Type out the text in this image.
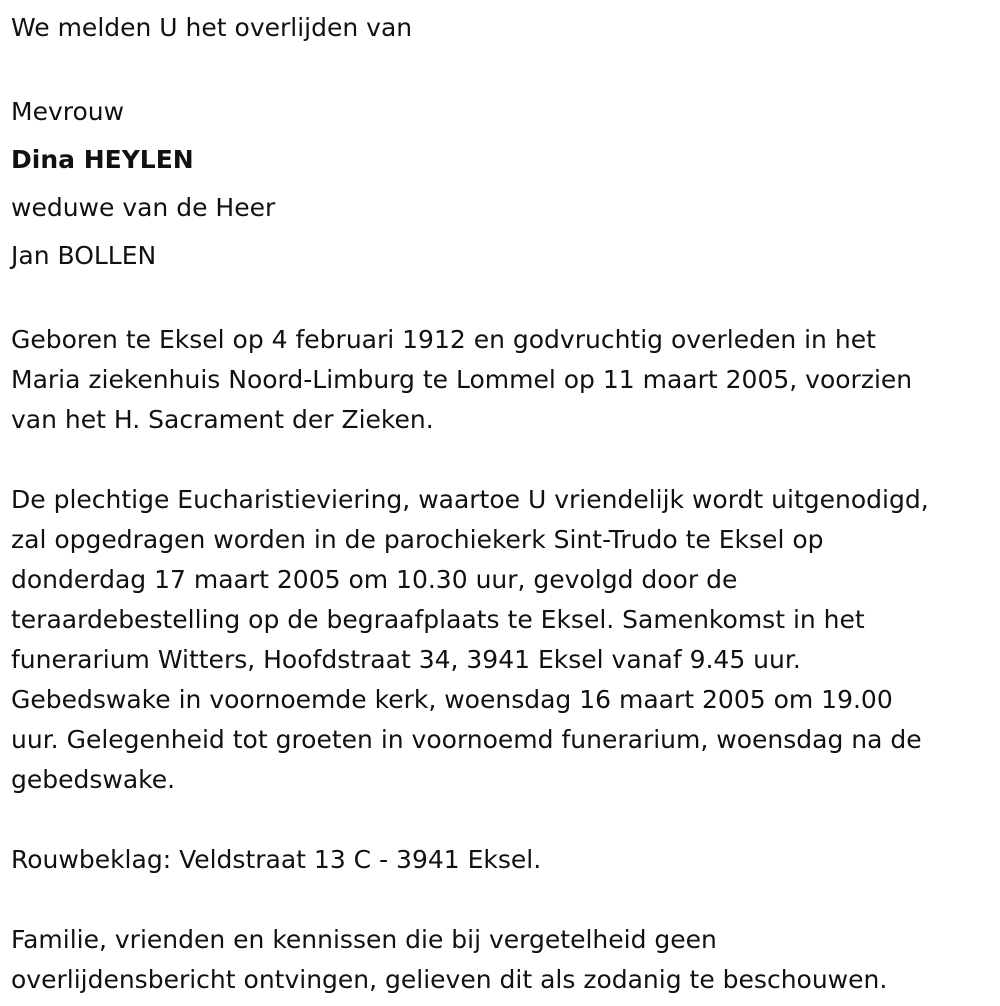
We melden U het overlijden van
Mevrouw
Dina HEYLEN
weduwe van de Heer
Jan BOLLEN
Geboren te Eksel op 4 februari 1912 en godvruchtig overleden in het
Maria ziekenhuis Noord-Limburg te Lommel op 11 maart 2005, voorzien
van het H. Sacrament der Zieken.
De plechtige Eucharistieviering, waartoe U vriendelijk wordt uitgenodigd,
zal opgedragen worden in de parochiekerk Sint-Trudo te Eksel op
donderdag 17 maart 2005 om 10.30 uur, gevolgd door de
teraardebestelling op de begraafplaats te Eksel. Samenkomst in het
funerarium Witters, Hoofdstraat 34, 3941 Eksel vanaf 9.45 uur.
Gebedswake in voornoemde kerk, woensdag 16 maart 2005 om 19.00
uur. Gelegenheid tot groeten in voornoemd funerarium, woensdag na de
gebedswake.
Rouwbeklag: Veldstraat 13 C - 3941 Eksel.
Familie, vrienden en kennissen die bij vergetelheid geen
overlijdensbericht ontvingen, gelieven dit als zodanig te beschouwen.
